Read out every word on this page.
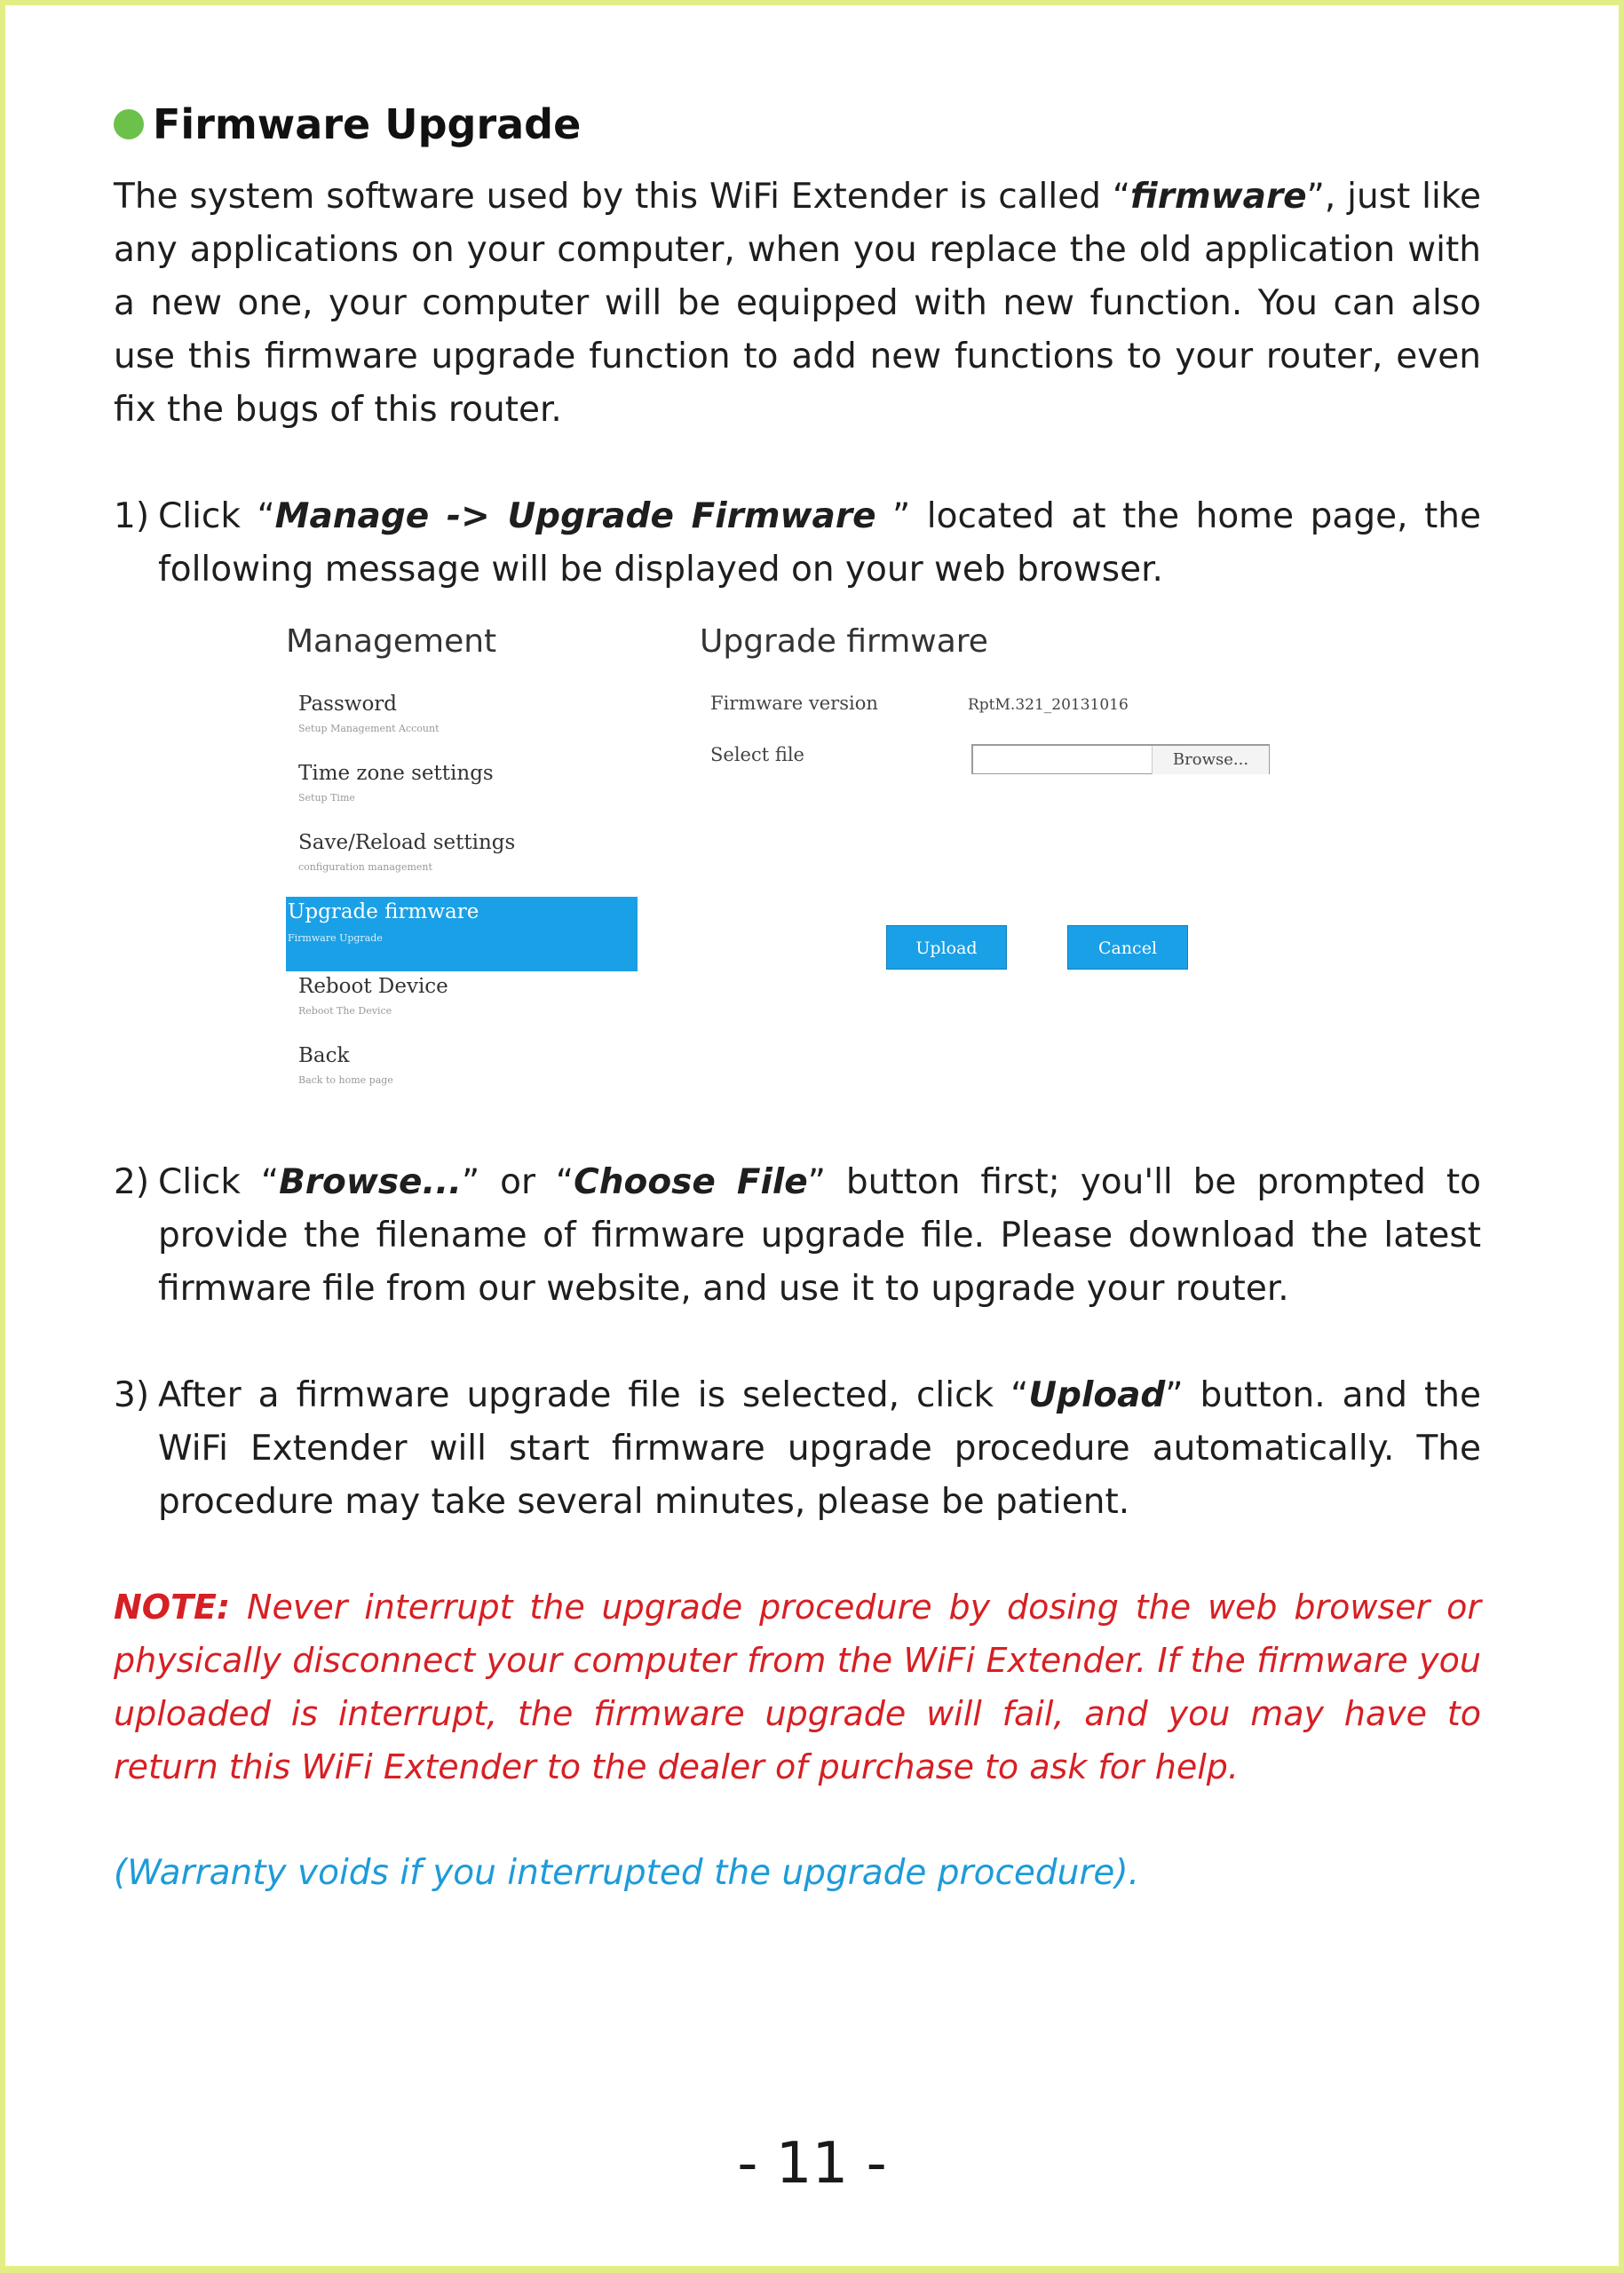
Firmware Upgrade

The system software used by this WiFi Extender is called “firmware”, just like any applications on your computer, when you replace the old application with a new one, your computer will be equipped with new function. You can also use this firmware upgrade function to add new functions to your router, even fix the bugs of this router.

1) Click “Manage -> Upgrade Firmware ” located at the home page, the following message will be displayed on your web browser.
Management	Upgrade firmware
Password
Setup Management Account
Time zone settings
Setup Time
Save/Reload settings
configuration management
Upgrade firmware
Firmware Upgrade
Reboot Device
Reboot The Device
Back
Back to home page
Firmware version	RptM.321_20131016
Select file	Browse...
Upload	Cancel
2) Click “Browse...” or “Choose File” button first; you'll be prompted to provide the filename of firmware upgrade file. Please download the latest firmware file from our website, and use it to upgrade your router.
3) After a firmware upgrade file is selected, click “Upload” button. and the WiFi Extender will start firmware upgrade procedure automatically. The procedure may take several minutes, please be patient.

NOTE: Never interrupt the upgrade procedure by dosing the web browser or physically disconnect your computer from the WiFi Extender. If the firmware you uploaded is interrupt, the firmware upgrade will fail, and you may have to return this WiFi Extender to the dealer of purchase to ask for help.

(Warranty voids if you interrupted the upgrade procedure).

- 11 -
